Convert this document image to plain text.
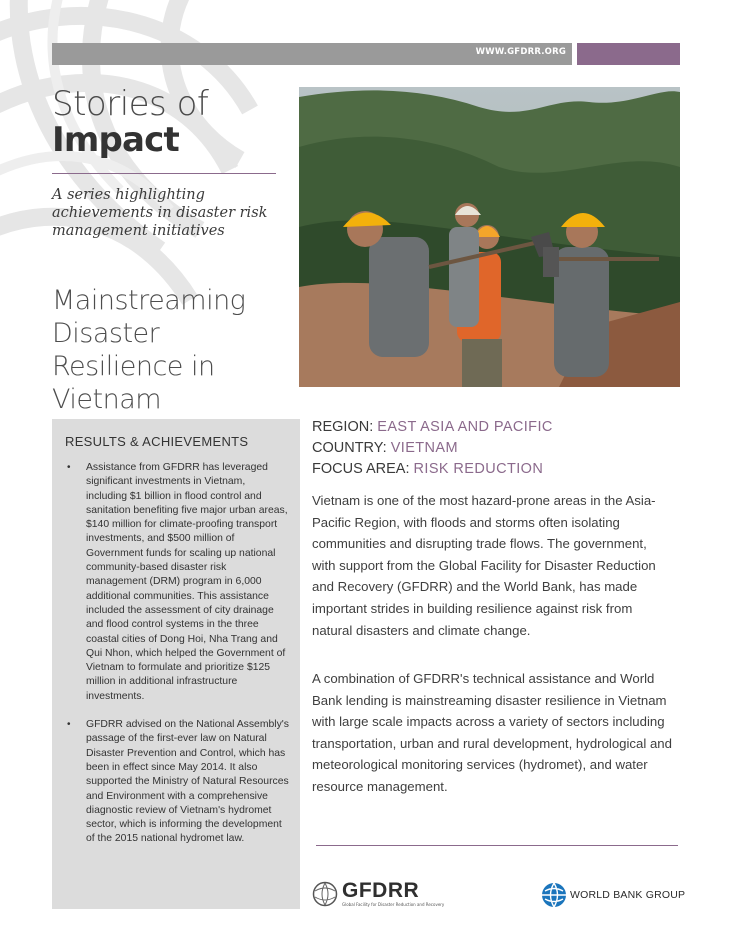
WWW.GFDRR.ORG
Stories of
Impact
A series highlighting achievements in disaster risk management initiatives
Mainstreaming Disaster Resilience in Vietnam
RESULTS & ACHIEVEMENTS
• Assistance from GFDRR has leveraged significant investments in Vietnam, including $1 billion in flood control and sanitation benefiting five major urban areas, $140 million for climate-proofing transport investments, and $500 million of Government funds for scaling up national community-based disaster risk management (DRM) program in 6,000 additional communities. This assistance included the assessment of city drainage and flood control systems in the three coastal cities of Dong Hoi, Nha Trang and Qui Nhon, which helped the Government of Vietnam to formulate and prioritize $125 million in additional infrastructure investments.
• GFDRR advised on the National Assembly's passage of the first-ever law on Natural Disaster Prevention and Control, which has been in effect since May 2014. It also supported the Ministry of Natural Resources and Environment with a comprehensive diagnostic review of Vietnam's hydromet sector, which is informing the development of the 2015 national hydromet law.
REGION: EAST ASIA AND PACIFIC
COUNTRY: VIETNAM
FOCUS AREA: RISK REDUCTION

Vietnam is one of the most hazard-prone areas in the Asia-Pacific Region, with floods and storms often isolating communities and disrupting trade flows. The government, with support from the Global Facility for Disaster Reduction and Recovery (GFDRR) and the World Bank, has made important strides in building resilience against risk from natural disasters and climate change.

A combination of GFDRR's technical assistance and World Bank lending is mainstreaming disaster resilience in Vietnam with large scale impacts across a variety of sectors including transportation, urban and rural development, hydrological and meteorological monitoring services (hydromet), and water resource management.

GFDRR
Global Facility for Disaster Reduction and Recovery
WORLD BANK GROUP
